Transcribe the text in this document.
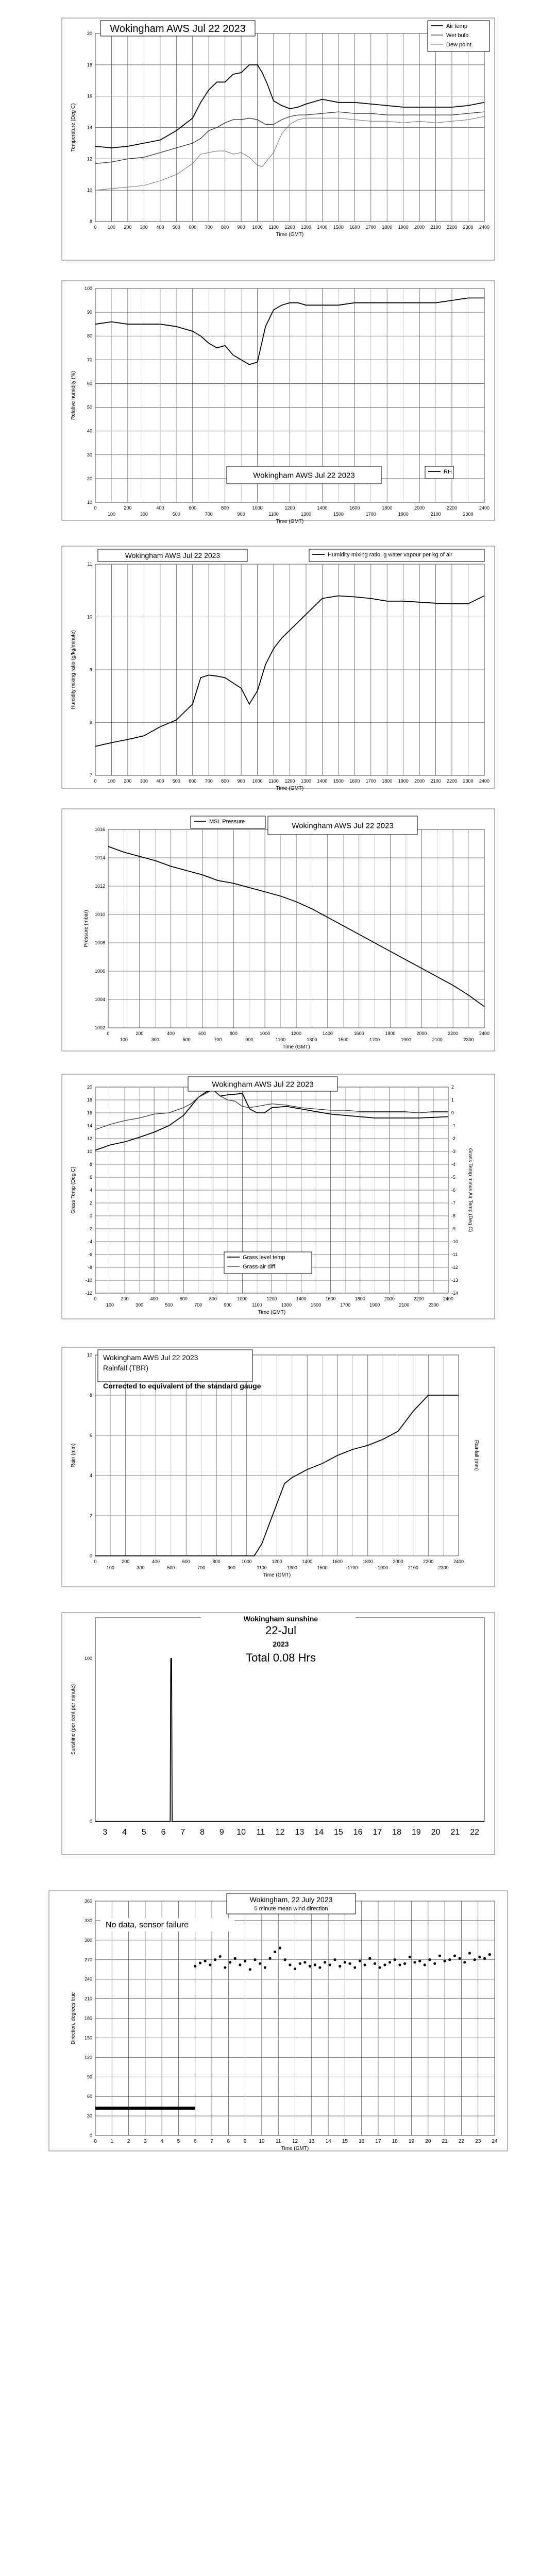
8
10
12
14
16
18
20
0 100 200 300 400 500 600 700 800 900 1000 1100 1200 1300 1400 1500 1600 1700 1800 1900 2000 2100 2200 2300 2400
Time (GMT)
Temperature (Deg C)
Wokingham AWS Jul 22 2023	Air temp
Wet bulb
Dew point
10
20
30
40
50
60
70
80
90
100
0	200	400	600	800	1000	1200	1400	1600	1800	2000	2200	2400
100	300	500	700	900	1100	1300	1500	1700	1900	2100	2300
Time (GMT)
Relative humidity (%)
Wokingham AWS Jul 22 2023	RH
7
8
9
10
11
0 100 200 300 400 500 600 700 800 900 1000 1100 1200 1300 1400 1500 1600 1700 1800 1900 2000 2100 2200 2300 2400
Time (GMT)
Humidity mixing ratio (g/kg/minute)
Wokingham AWS Jul 22 2023	Humidity mixing ratio, g water vapour per kg of air
1002
1004
1006
1008
1010
1012
1014
1016
0	200	400	600	800	1000	1200	1400	1600	1800	2000	2200	2400
100	300	500	700	900	1100	1300	1500	1700	1900	2100	2300
Time (GMT)
Pressure (mbar)
Wokingham AWS Jul 22 2023
MSL Pressure
-12
-10
-8
-6
-4
-2
0
2
4
6
8
10
12
14
16
18
20
0	200	400	600	800	1000	1200	1400	1600	1800	2000	2200	2400
100	300	500	700	900	1100	1300	1500	1700	1900	2100	2300
-14
-13
-12
-11
-10
-9
-8
-7
-6
-5
-4
-3
-2
-1
0
1
2
Time (GMT)
Grass Temp (Deg C)	Grass Temp minus Air Temp (Deg C)
Wokingham AWS Jul 22 2023
Grass level temp
Grass-air diff
0
2
4
6
8
10
0	200	400	600	800	1000	1200	1400	1600	1800	2000	2200	2400
100	300	500	700	900	1100	1300	1500	1700	1900	2100	2300
Time (GMT)
Rain (mm)	Rainfall (mm)
Wokingham AWS Jul 22 2023
Rainfall (TBR)
Corrected to equivalent of the standard gauge
0
100
3 4 5 6 7 8 9 10 11 12 13 14 15 16 17 18 19 20 21 22
Sunshine (per cent per minute)
Wokingham sunshine
22-Jul
2023
Total 0.08 Hrs
0
30
60
90
120
150
180
210
240
270
300
330
360
0	1	2	3	4	5	6	7	8	9 10 11 12 13 14 15 16 17 18 19 20 21 22 23 24
Time (GMT)
Direction, degrees true
Wokingham, 22 July 2023
5 minute mean wind direction
No data, sensor failure
